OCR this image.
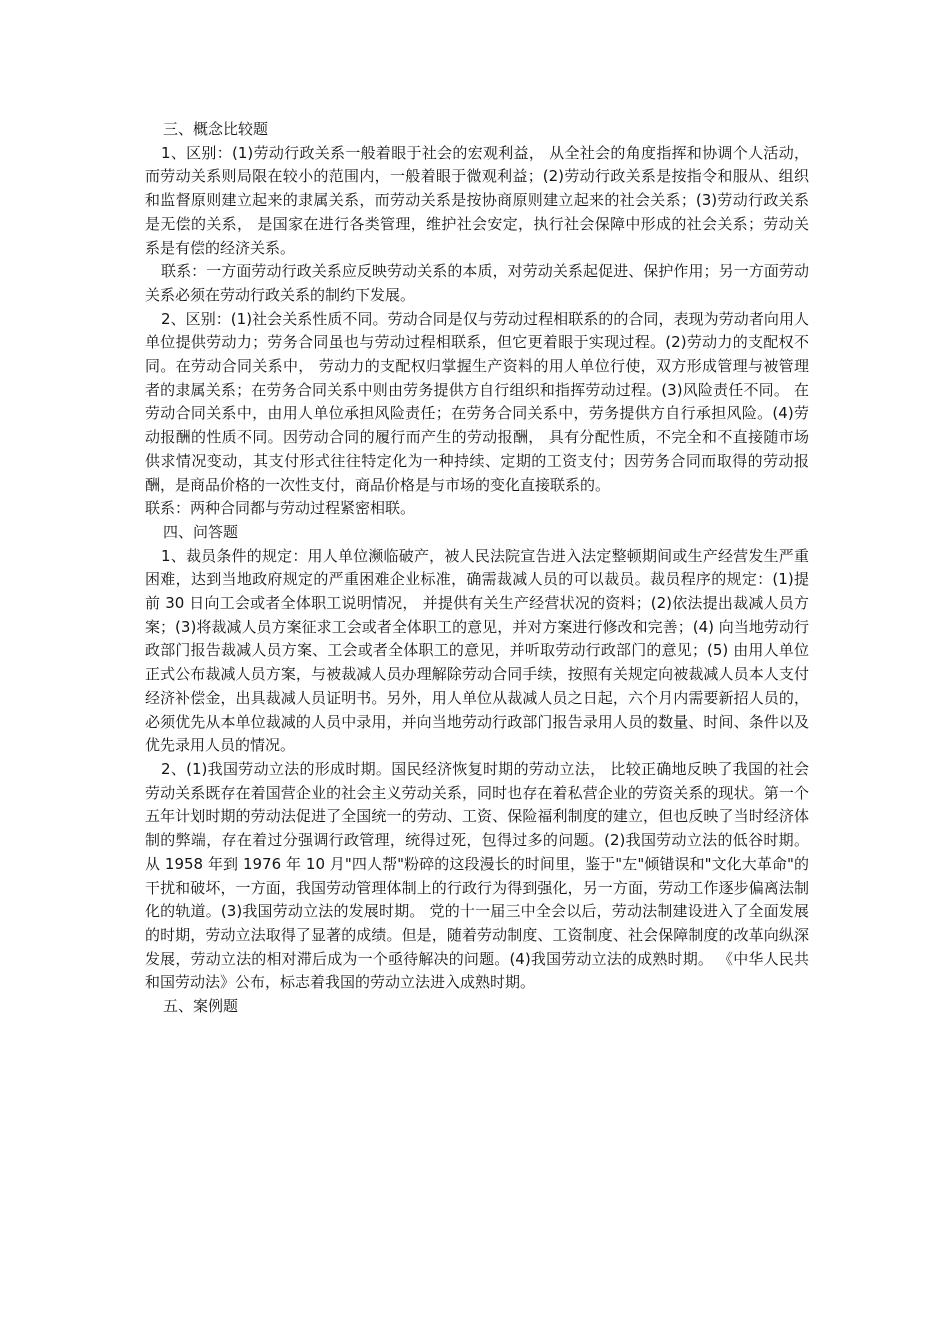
三、概念比较题

1、区别：(1)劳动行政关系一般着眼于社会的宏观利益， 从全社会的角度指挥和协调个人活动，而劳动关系则局限在较小的范围内，一般着眼于微观利益；(2)劳动行政关系是按指令和服从、组织和监督原则建立起来的隶属关系，而劳动关系是按协商原则建立起来的社会关系；(3)劳动行政关系是无偿的关系， 是国家在进行各类管理，维护社会安定，执行社会保障中形成的社会关系；劳动关系是有偿的经济关系。

联系：一方面劳动行政关系应反映劳动关系的本质，对劳动关系起促进、保护作用；另一方面劳动关系必须在劳动行政关系的制约下发展。

2、区别：(1)社会关系性质不同。劳动合同是仅与劳动过程相联系的的合同，表现为劳动者向用人单位提供劳动力；劳务合同虽也与劳动过程相联系，但它更着眼于实现过程。(2)劳动力的支配权不同。在劳动合同关系中， 劳动力的支配权归掌握生产资料的用人单位行使，双方形成管理与被管理者的隶属关系；在劳务合同关系中则由劳务提供方自行组织和指挥劳动过程。(3)风险责任不同。 在劳动合同关系中，由用人单位承担风险责任；在劳务合同关系中，劳务提供方自行承担风险。(4)劳动报酬的性质不同。因劳动合同的履行而产生的劳动报酬， 具有分配性质，不完全和不直接随市场供求情况变动，其支付形式往往特定化为一种持续、定期的工资支付；因劳务合同而取得的劳动报酬，是商品价格的一次性支付，商品价格是与市场的变化直接联系的。

联系：两种合同都与劳动过程紧密相联。

四、问答题

1、裁员条件的规定：用人单位濒临破产，被人民法院宣告进入法定整顿期间或生产经营发生严重困难，达到当地政府规定的严重困难企业标准，确需裁减人员的可以裁员。裁员程序的规定：(1)提前 30 日向工会或者全体职工说明情况， 并提供有关生产经营状况的资料；(2)依法提出裁减人员方案；(3)将裁减人员方案征求工会或者全体职工的意见，并对方案进行修改和完善；(4) 向当地劳动行政部门报告裁减人员方案、工会或者全体职工的意见，并听取劳动行政部门的意见；(5) 由用人单位正式公布裁减人员方案，与被裁减人员办理解除劳动合同手续，按照有关规定向被裁减人员本人支付经济补偿金，出具裁减人员证明书。另外，用人单位从裁减人员之日起，六个月内需要新招人员的，必须优先从本单位裁减的人员中录用，并向当地劳动行政部门报告录用人员的数量、时间、条件以及优先录用人员的情况。

2、(1)我国劳动立法的形成时期。国民经济恢复时期的劳动立法， 比较正确地反映了我国的社会劳动关系既存在着国营企业的社会主义劳动关系，同时也存在着私营企业的劳资关系的现状。第一个五年计划时期的劳动法促进了全国统一的劳动、工资、保险福利制度的建立，但也反映了当时经济体制的弊端，存在着过分强调行政管理，统得过死，包得过多的问题。(2)我国劳动立法的低谷时期。从 1958 年到 1976 年 10 月"四人帮"粉碎的这段漫长的时间里，鉴于"左"倾错误和"文化大革命"的干扰和破坏，一方面，我国劳动管理体制上的行政行为得到强化，另一方面，劳动工作逐步偏离法制化的轨道。(3)我国劳动立法的发展时期。 党的十一届三中全会以后，劳动法制建设进入了全面发展的时期，劳动立法取得了显著的成绩。但是，随着劳动制度、工资制度、社会保障制度的改革向纵深发展，劳动立法的相对滞后成为一个亟待解决的问题。(4)我国劳动立法的成熟时期。 《中华人民共和国劳动法》公布，标志着我国的劳动立法进入成熟时期。

五、案例题
